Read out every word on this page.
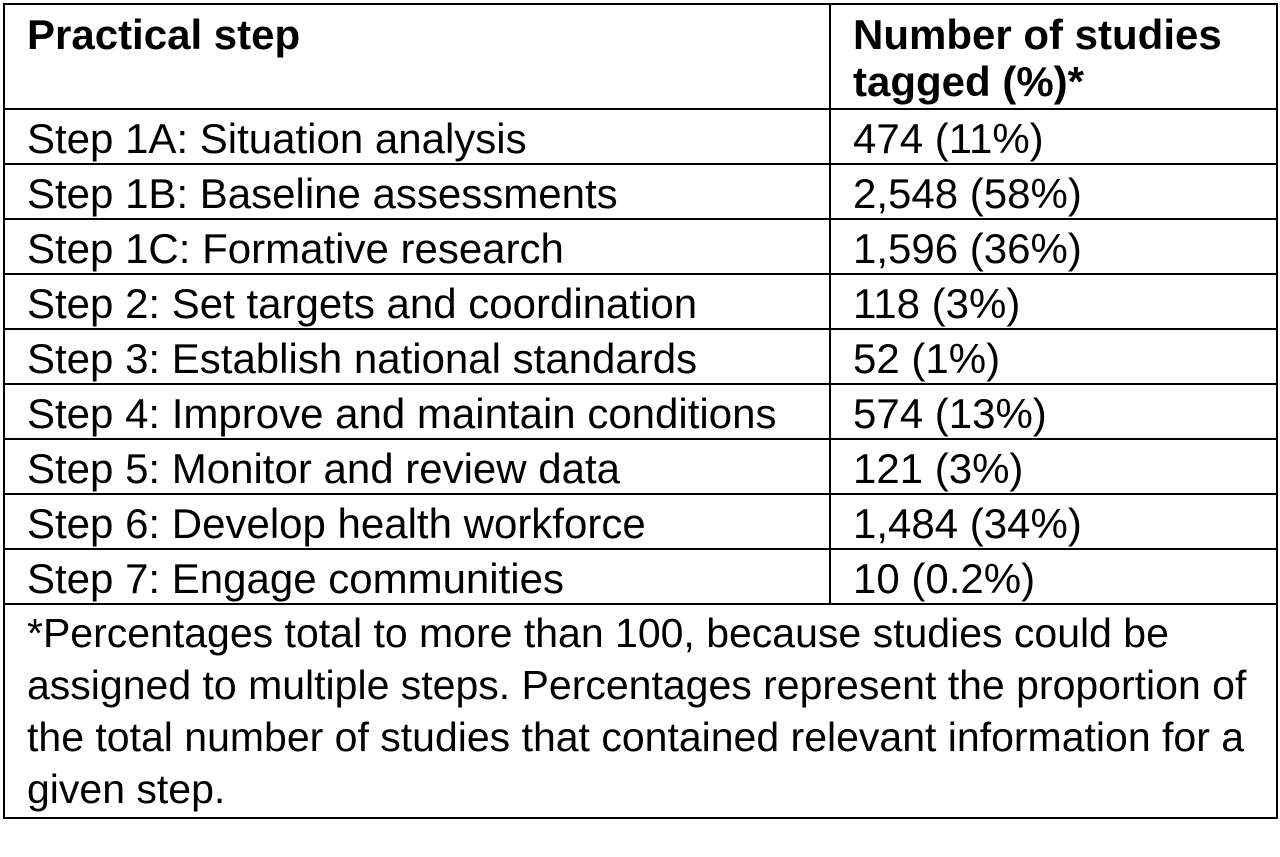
Practical step	Number of studies tagged (%)*
Step 1A: Situation analysis	474 (11%)
Step 1B: Baseline assessments	2,548 (58%)
Step 1C: Formative research	1,596 (36%)
Step 2: Set targets and coordination	118 (3%)
Step 3: Establish national standards	52 (1%)
Step 4: Improve and maintain conditions	574 (13%)
Step 5: Monitor and review data	121 (3%)
Step 6: Develop health workforce	1,484 (34%)
Step 7: Engage communities	10 (0.2%)
*Percentages total to more than 100, because studies could be assigned to multiple steps. Percentages represent the proportion of the total number of studies that contained relevant information for a given step.	
